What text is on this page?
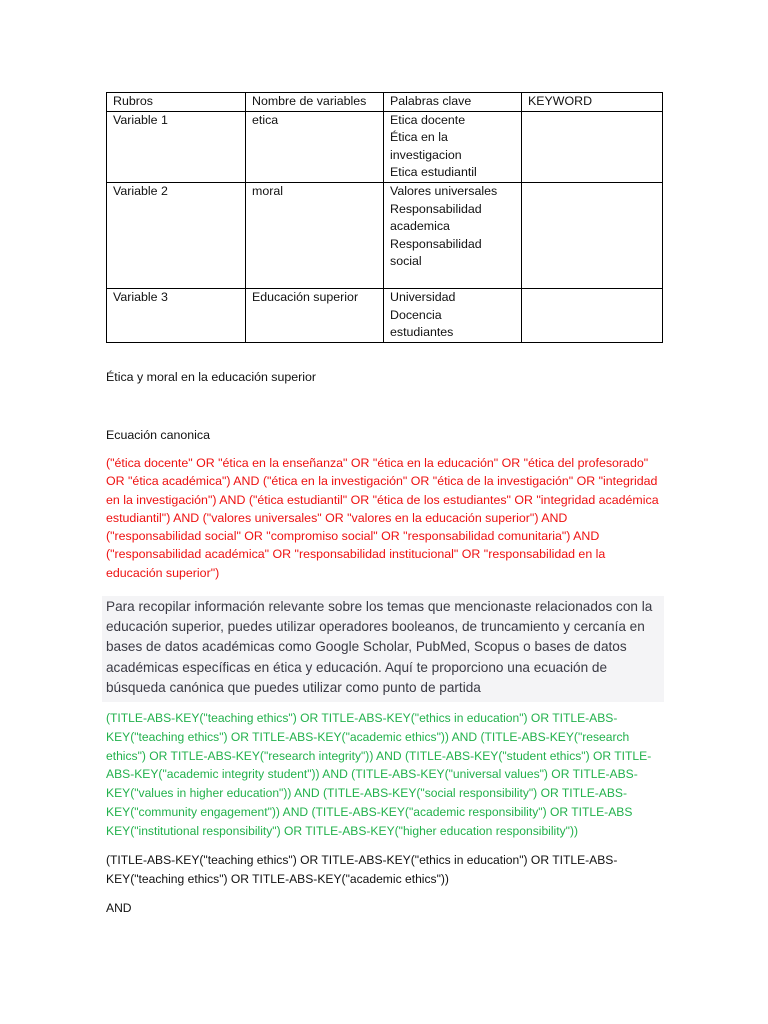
Rubros	Nombre de variables	Palabras clave	KEYWORD
Variable 1	etica	Etica docente
Ética en la
investigacion
Etica estudiantil	

Variable 2	moral	Valores universales
Responsabilidad
academica
Responsabilidad
social	

Variable 3	Educación superior	Universidad
Docencia
estudiantes	

Ética y moral en la educación superior

Ecuación canonica

("ética docente" OR "ética en la enseñanza" OR "ética en la educación" OR "ética del profesorado" OR "ética académica") AND ("ética en la investigación" OR "ética de la investigación" OR "integridad en la investigación") AND ("ética estudiantil" OR "ética de los estudiantes" OR "integridad académica estudiantil") AND ("valores universales" OR "valores en la educación superior") AND ("responsabilidad social" OR "compromiso social" OR "responsabilidad comunitaria") AND ("responsabilidad académica" OR "responsabilidad institucional" OR "responsabilidad en la educación superior")

Para recopilar información relevante sobre los temas que mencionaste relacionados con la educación superior, puedes utilizar operadores booleanos, de truncamiento y cercanía en bases de datos académicas como Google Scholar, PubMed, Scopus o bases de datos académicas específicas en ética y educación. Aquí te proporciono una ecuación de búsqueda canónica que puedes utilizar como punto de partida

(TITLE-ABS-KEY("teaching ethics") OR TITLE-ABS-KEY("ethics in education") OR TITLE-ABS-KEY("teaching ethics") OR TITLE-ABS-KEY("academic ethics")) AND (TITLE-ABS-KEY("research ethics") OR TITLE-ABS-KEY("research integrity")) AND (TITLE-ABS-KEY("student ethics") OR TITLE-ABS-KEY("academic integrity student")) AND (TITLE-ABS-KEY("universal values") OR TITLE-ABS-KEY("values in higher education")) AND (TITLE-ABS-KEY("social responsibility") OR TITLE-ABS-KEY("community engagement")) AND (TITLE-ABS-KEY("academic responsibility") OR TITLE-ABS KEY("institutional responsibility") OR TITLE-ABS-KEY("higher education responsibility"))

(TITLE-ABS-KEY("teaching ethics") OR TITLE-ABS-KEY("ethics in education") OR TITLE-ABS-KEY("teaching ethics") OR TITLE-ABS-KEY("academic ethics"))

AND
